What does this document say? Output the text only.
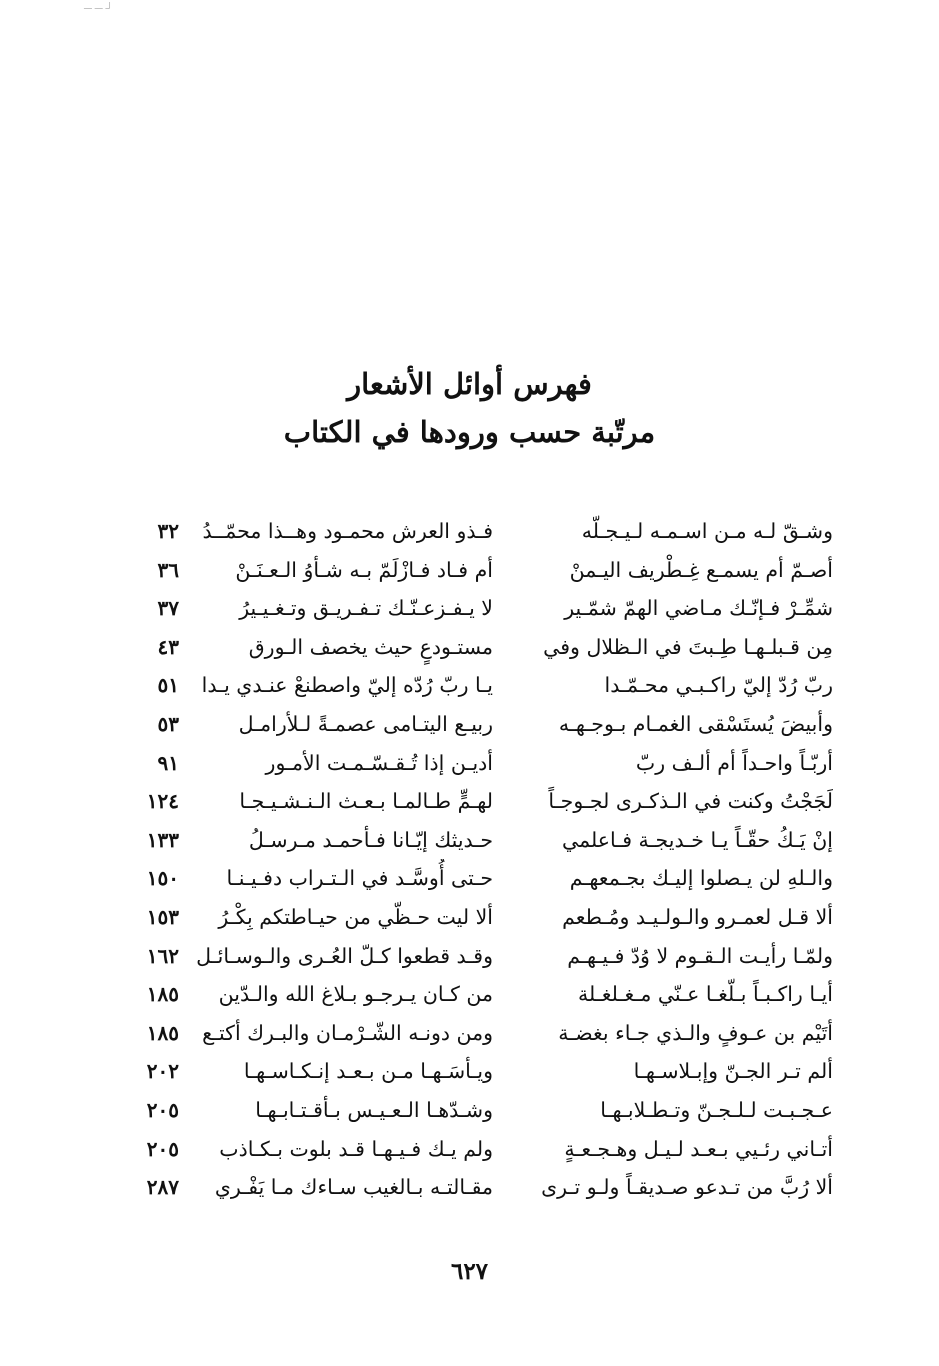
لـ ـــ ـــ
فهرس أوائل الأشعار
مرتّبة حسب ورودها في الكتاب
وشـقّ لـه مـن اسـمـه لـيـجـلّه
فـذو العرش محمـود وهــذا محمّــدُ
٣٢
أصـمّ أم يسمـع غِـطْريف اليـمنْ
أم فـاد فـازْلَمّ بـه شـأوُ الـعـنَـنْ
٣٦
شمِّـرْ فـإنّـك مـاضي الهمّ شمّـير
لا يـفـزعـنّـك تـفـريـق وتـغـيـيرُ
٣٧
مِن قـبلـهـا طِـبتَ في الـظلال وفي
مستـودعٍ حيث يخصف الـورق
٤٣
ربّ رُدّ إليّ راكـبـي محـمّـدا
يـا ربّ رُدّه إليّ واصطنعْ عنـدي يـدا
٥١
وأبيضَ يُستَسْقى الغمـام بـوجـهـه
ربيـع اليتـامى عصمـةً لـلأرامـل
٥٣
أربّـاً واحـداً أم ألـف ربّ
أديـن إذا تُـقـسّـمـت الأمـور
٩١
لَجَجْتُ وكنت في الـذكـرى لجـوجـاً
لهـمٍّ طـالمـا بـعـث الـنـشـيـجـا
١٢٤
إنْ يَـكُ حقّـاً يـا خـديجـة فـاعلمي
حـديثك إيّـانا فـأحمـد مـرسـلُ
١٣٣
والـلهِ لن يـصلوا إليـك بجـمعهـم
حـتى أُوسَّـد في الـتـراب دفـيـنـا
١٥٠
ألا قـل لعمـرو والـولـيـد ومُـطعم
ألا ليت حـظّي من حيـاطتكم بِكْـرُ
١٥٣
ولمّـا رأيـت الـقـوم لا وُدّ فـيـهـم
وقـد قطعوا كـلّ العُـرى والـوسـائـل
١٦٢
أيـا راكـبـاً بـلّغـا عـنّي مـغـلغـلة
من كـان يـرجـو بـلاغ الله والـدّين
١٨٥
أتَيْم بن عـوفٍ والـذي جـاء بغضـة
ومن دونـه الشّـرْمـان والبـرك أكتـع
١٨٥
ألم تـر الجـنّ وإبـلاسـهـا
ويـأسَـهـا مـن بـعـد إنـكـاسـهـا
٢٠٢
عـجـبـت لـلـجـنّ وتـطـلابـهـا
وشـدّهـا الـعـيـس بـأقـتـابـهـا
٢٠٥
أتـاني رئـيي بـعـد لـيـل وهـجـعـةٍ
ولم يـك فـيـهـا قـد بلوت بـكـاذب
٢٠٥
ألا رُبَّ من تـدعو صـديقـاً ولـو تـرى
مقـالتـه بـالغيب سـاءك مـا يَفْـري
٢٨٧
٦٢٧
